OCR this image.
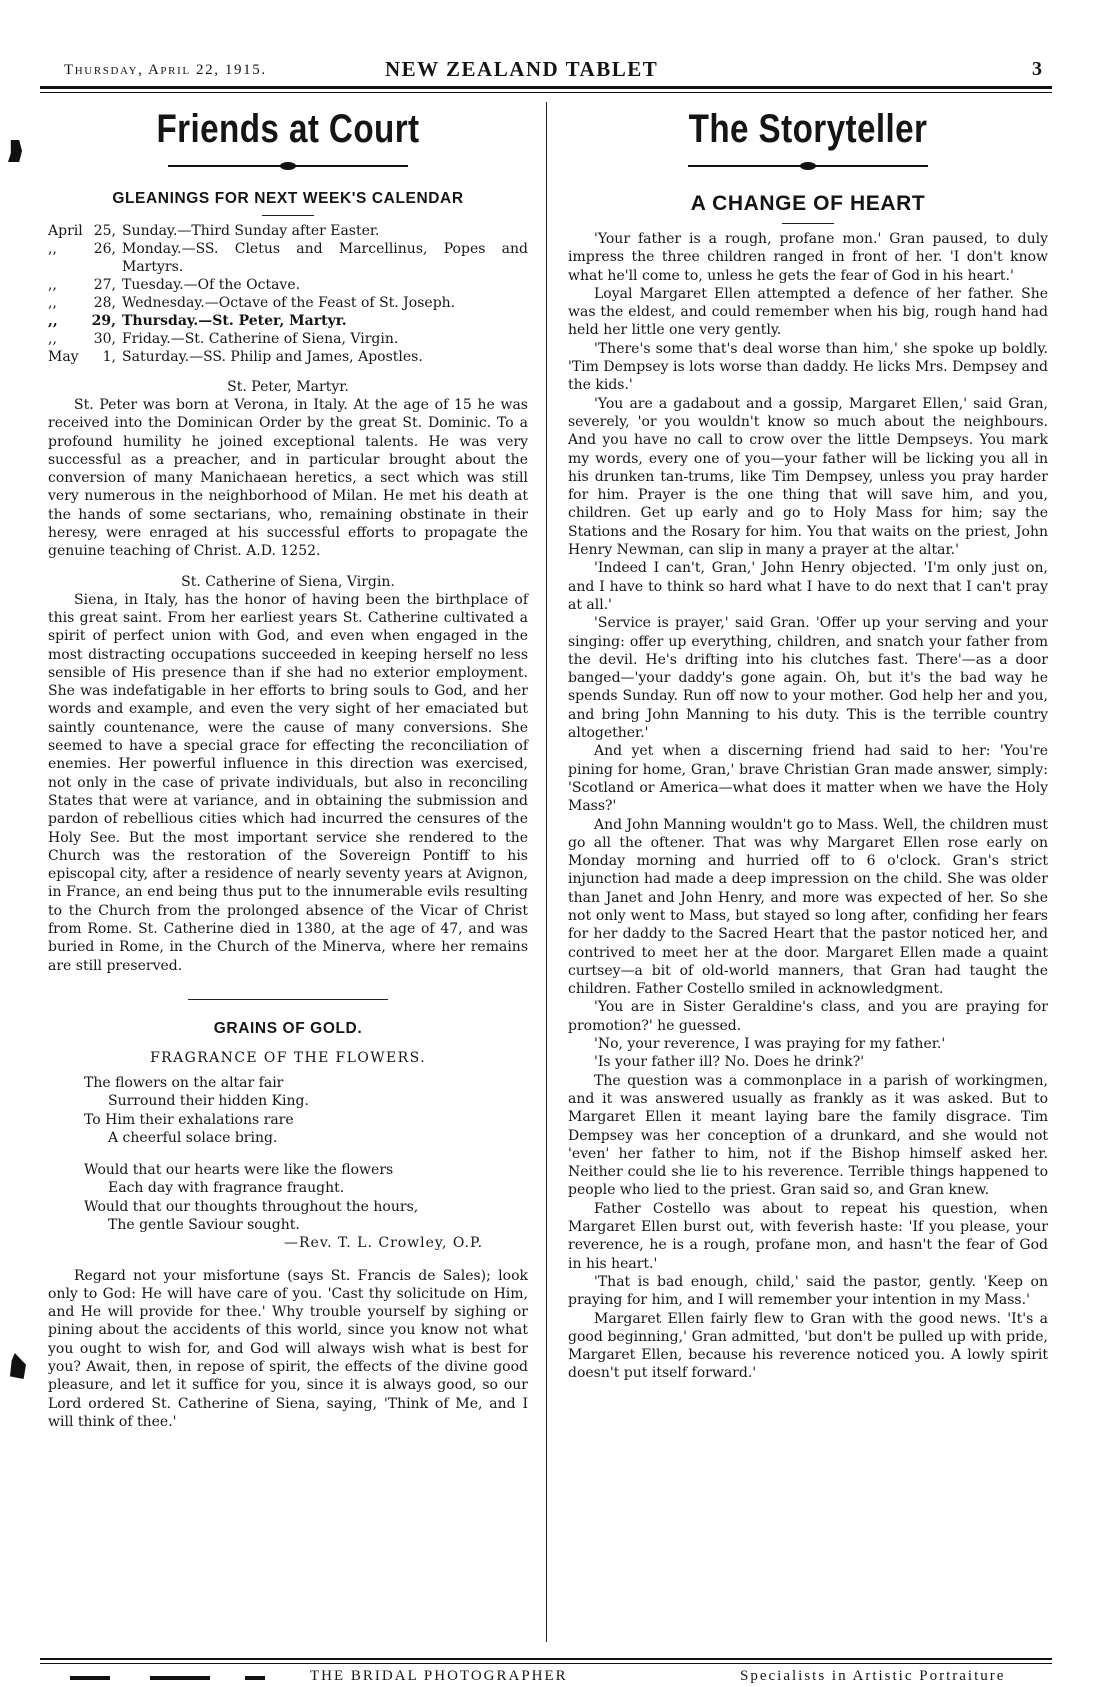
Thursday, April 22, 1915.	NEW ZEALAND TABLET	3
Friends at Court
GLEANINGS FOR NEXT WEEK'S CALENDAR
April 25, Sunday.—Third Sunday after Easter.
,,	26, Monday.—SS. Cletus and Marcellinus, Popes and Martyrs.
,,	27, Tuesday.—Of the Octave.
,,	28, Wednesday.—Octave of the Feast of St. Joseph.
,,	29, Thursday.—St. Peter, Martyr.
,,	30, Friday.—St. Catherine of Siena, Virgin.
May	1, Saturday.—SS. Philip and James, Apostles.
St. Peter, Martyr.

St. Peter was born at Verona, in Italy. At the age of 15 he was received into the Dominican Order by the great St. Dominic. To a profound humility he joined exceptional talents. He was very successful as a preacher, and in particular brought about the conversion of many Manichaean heretics, a sect which was still very numerous in the neighborhood of Milan. He met his death at the hands of some sectarians, who, remaining obstinate in their heresy, were enraged at his successful efforts to propagate the genuine teaching of Christ. A.D. 1252.

St. Catherine of Siena, Virgin.

Siena, in Italy, has the honor of having been the birthplace of this great saint. From her earliest years St. Catherine cultivated a spirit of perfect union with God, and even when engaged in the most distracting occupations succeeded in keeping herself no less sensible of His presence than if she had no exterior employment. She was indefatigable in her efforts to bring souls to God, and her words and example, and even the very sight of her emaciated but saintly countenance, were the cause of many conversions. She seemed to have a special grace for effecting the reconciliation of enemies. Her powerful influence in this direction was exercised, not only in the case of private individuals, but also in reconciling States that were at variance, and in obtaining the submission and pardon of rebellious cities which had incurred the censures of the Holy See. But the most important service she rendered to the Church was the restoration of the Sovereign Pontiff to his episcopal city, after a residence of nearly seventy years at Avignon, in France, an end being thus put to the innumerable evils resulting to the Church from the prolonged absence of the Vicar of Christ from Rome. St. Catherine died in 1380, at the age of 47, and was buried in Rome, in the Church of the Minerva, where her remains are still preserved.

GRAINS OF GOLD.
FRAGRANCE OF THE FLOWERS.
The flowers on the altar fair
Surround their hidden King.
To Him their exhalations rare
A cheerful solace bring.
Would that our hearts were like the flowers
Each day with fragrance fraught.
Would that our thoughts throughout the hours,
The gentle Saviour sought.
—Rev. T. L. Crowley, O.P.

Regard not your misfortune (says St. Francis de Sales); look only to God: He will have care of you. 'Cast thy solicitude on Him, and He will provide for thee.' Why trouble yourself by sighing or pining about the accidents of this world, since you know not what you ought to wish for, and God will always wish what is best for you? Await, then, in repose of spirit, the effects of the divine good pleasure, and let it suffice for you, since it is always good, so our Lord ordered St. Catherine of Siena, saying, 'Think of Me, and I will think of thee.'

The Storyteller
A CHANGE OF HEART

'Your father is a rough, profane mon.' Gran paused, to duly impress the three children ranged in front of her. 'I don't know what he'll come to, unless he gets the fear of God in his heart.'

Loyal Margaret Ellen attempted a defence of her father. She was the eldest, and could remember when his big, rough hand had held her little one very gently.

'There's some that's deal worse than him,' she spoke up boldly. 'Tim Dempsey is lots worse than daddy. He licks Mrs. Dempsey and the kids.'

'You are a gadabout and a gossip, Margaret Ellen,' said Gran, severely, 'or you wouldn't know so much about the neighbours. And you have no call to crow over the little Dempseys. You mark my words, every one of you—your father will be licking you all in his drunken tan-trums, like Tim Dempsey, unless you pray harder for him. Prayer is the one thing that will save him, and you, children. Get up early and go to Holy Mass for him; say the Stations and the Rosary for him. You that waits on the priest, John Henry Newman, can slip in many a prayer at the altar.'

'Indeed I can't, Gran,' John Henry objected. 'I'm only just on, and I have to think so hard what I have to do next that I can't pray at all.'

'Service is prayer,' said Gran. 'Offer up your serving and your singing: offer up everything, children, and snatch your father from the devil. He's drifting into his clutches fast. There'—as a door banged—'your daddy's gone again. Oh, but it's the bad way he spends Sunday. Run off now to your mother. God help her and you, and bring John Manning to his duty. This is the terrible country altogether.'

And yet when a discerning friend had said to her: 'You're pining for home, Gran,' brave Christian Gran made answer, simply: 'Scotland or America—what does it matter when we have the Holy Mass?'

And John Manning wouldn't go to Mass. Well, the children must go all the oftener. That was why Margaret Ellen rose early on Monday morning and hurried off to 6 o'clock. Gran's strict injunction had made a deep impression on the child. She was older than Janet and John Henry, and more was expected of her. So she not only went to Mass, but stayed so long after, confiding her fears for her daddy to the Sacred Heart that the pastor noticed her, and contrived to meet her at the door. Margaret Ellen made a quaint curtsey—a bit of old-world manners, that Gran had taught the children. Father Costello smiled in acknowledgment.

'You are in Sister Geraldine's class, and you are praying for promotion?' he guessed.

'No, your reverence, I was praying for my father.'

'Is your father ill? No. Does he drink?'

The question was a commonplace in a parish of workingmen, and it was answered usually as frankly as it was asked. But to Margaret Ellen it meant laying bare the family disgrace. Tim Dempsey was her conception of a drunkard, and she would not 'even' her father to him, not if the Bishop himself asked her. Neither could she lie to his reverence. Terrible things happened to people who lied to the priest. Gran said so, and Gran knew.

Father Costello was about to repeat his question, when Margaret Ellen burst out, with feverish haste: 'If you please, your reverence, he is a rough, profane mon, and hasn't the fear of God in his heart.'

'That is bad enough, child,' said the pastor, gently. 'Keep on praying for him, and I will remember your intention in my Mass.'

Margaret Ellen fairly flew to Gran with the good news. 'It's a good beginning,' Gran admitted, 'but don't be pulled up with pride, Margaret Ellen, because his reverence noticed you. A lowly spirit doesn't put itself forward.'

THE BRIDAL PHOTOGRAPHER	Specialists in Artistic Portraiture
